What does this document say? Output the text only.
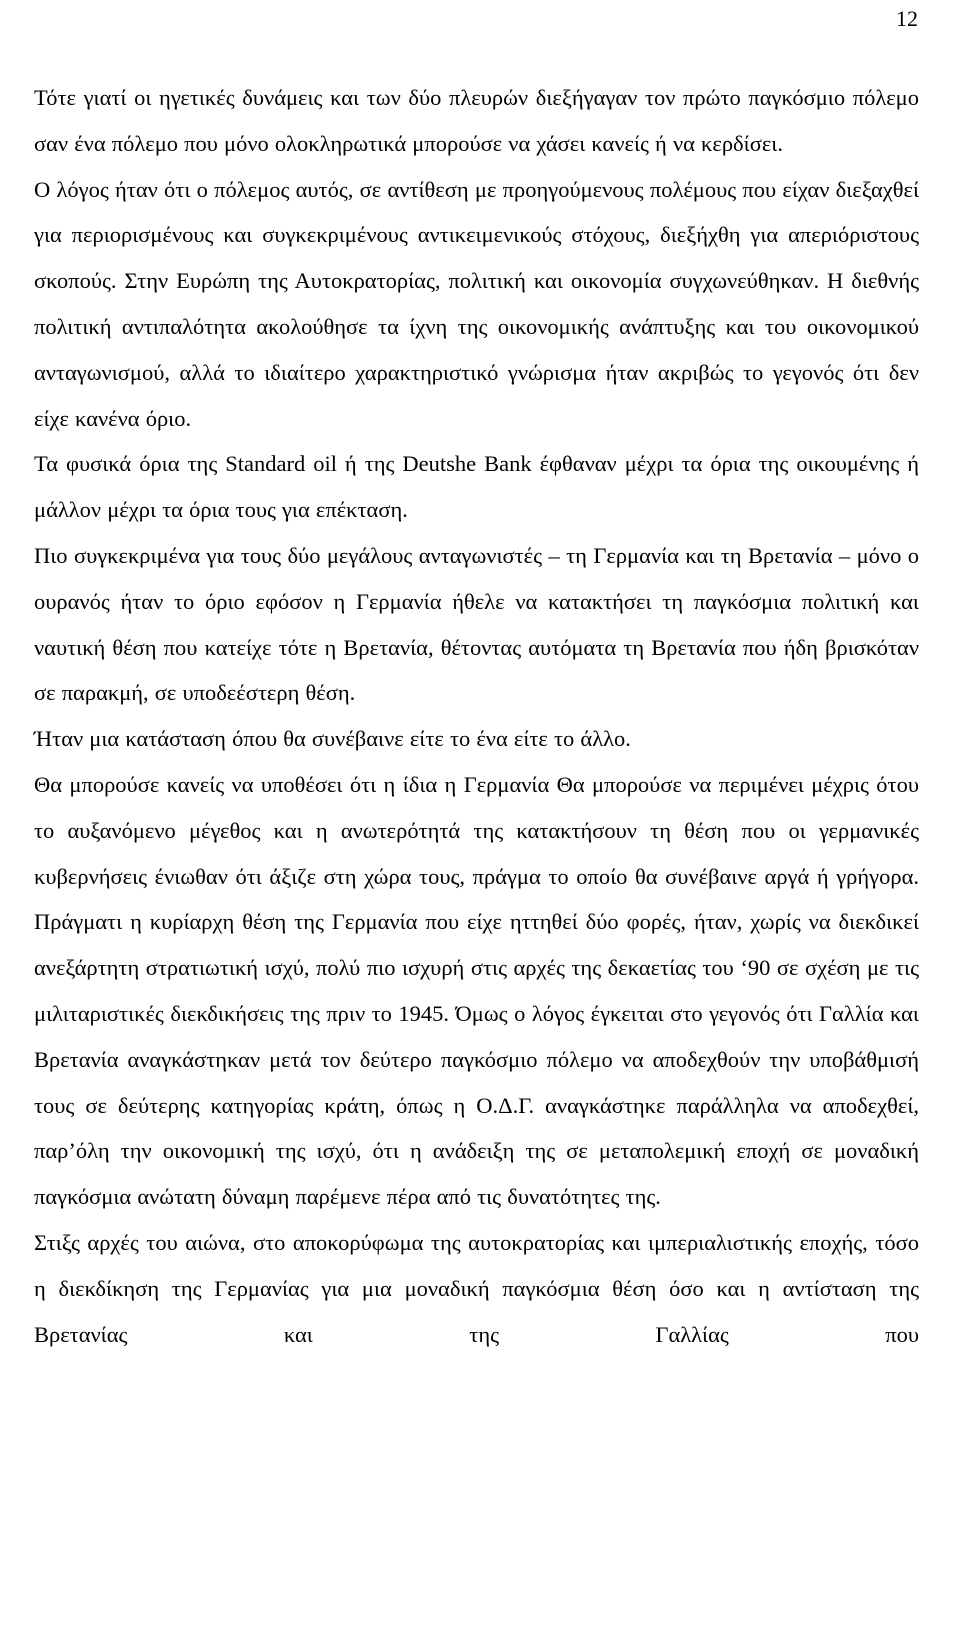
12

Τότε γιατί οι ηγετικές δυνάμεις και των δύο πλευρών διεξήγαγαν τον πρώτο παγκόσμιο πόλεμο σαν ένα πόλεμο που μόνο ολοκληρωτικά μπορούσε να χάσει κανείς ή να κερδίσει.

Ο λόγος ήταν ότι ο πόλεμος αυτός, σε αντίθεση με προηγούμενους πολέμους που είχαν διεξαχθεί για περιορισμένους και συγκεκριμένους αντικειμενικούς στόχους, διεξήχθη για απεριόριστους σκοπούς. Στην Ευρώπη της Αυτοκρατορίας, πολιτική και οικονομία συγχωνεύθηκαν. Η διεθνής πολιτική αντιπαλότητα ακολούθησε τα ίχνη της οικονομικής ανάπτυξης και του οικονομικού ανταγωνισμού, αλλά το ιδιαίτερο χαρακτηριστικό γνώρισμα ήταν ακριβώς το γεγονός ότι δεν είχε κανένα όριο.

Τα φυσικά όρια της Standard oil ή της Deutshe Bank έφθαναν μέχρι τα όρια της οικουμένης ή μάλλον μέχρι τα όρια τους για επέκταση.

Πιο συγκεκριμένα για τους δύο μεγάλους ανταγωνιστές – τη Γερμανία και τη Βρετανία – μόνο ο ουρανός ήταν το όριο εφόσον η Γερμανία ήθελε να κατακτήσει τη παγκόσμια πολιτική και ναυτική θέση που κατείχε τότε η Βρετανία, θέτοντας αυτόματα τη Βρετανία που ήδη βρισκόταν σε παρακμή, σε υποδεέστερη θέση.

Ήταν μια κατάσταση όπου θα συνέβαινε είτε το ένα είτε το άλλο.

Θα μπορούσε κανείς να υποθέσει ότι η ίδια η Γερμανία Θα μπορούσε να περιμένει μέχρις ότου το αυξανόμενο μέγεθος και η ανωτερότητά της κατακτήσουν τη θέση που οι γερμανικές κυβερνήσεις ένιωθαν ότι άξιζε στη χώρα τους, πράγμα το οποίο θα συνέβαινε αργά ή γρήγορα. Πράγματι η κυρίαρχη θέση της Γερμανία που είχε ηττηθεί δύο φορές, ήταν, χωρίς να διεκδικεί ανεξάρτητη στρατιωτική ισχύ, πολύ πιο ισχυρή στις αρχές της δεκαετίας του ‘90 σε σχέση με τις μιλιταριστικές διεκδικήσεις της πριν το 1945. Όμως ο λόγος έγκειται στο γεγονός ότι Γαλλία και Βρετανία αναγκάστηκαν μετά τον δεύτερο παγκόσμιο πόλεμο να αποδεχθούν την υποβάθμισή τους σε δεύτερης κατηγορίας κράτη, όπως η Ο.Δ.Γ. αναγκάστηκε παράλληλα να αποδεχθεί, παρ’όλη την οικονομική της ισχύ, ότι η ανάδειξη της σε μεταπολεμική εποχή σε μοναδική παγκόσμια ανώτατη δύναμη παρέμενε πέρα από τις δυνατότητες της.

Στιξς αρχές του αιώνα, στο αποκορύφωμα της αυτοκρατορίας και ιμπεριαλιστικής εποχής, τόσο η διεκδίκηση της Γερμανίας για μια μοναδική παγκόσμια θέση όσο και η αντίσταση της Βρετανίας και της Γαλλίας που
